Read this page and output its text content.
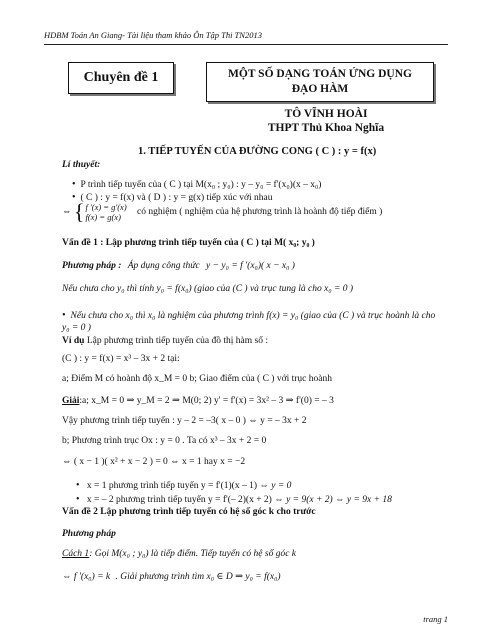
HDBM Toán An Giang- Tài liệu tham khảo Ôn Tập Thi TN2013
Chuyên đề 1	MỘT SỐ DẠNG TOÁN ỨNG DỤNG
ĐẠO HÀM
TÔ VĨNH HOÀI
THPT Thủ Khoa Nghĩa
1. TIẾP TUYẾN CỦA ĐƯỜNG CONG ( C ) : y = f(x)
Lí thuyết:
• P trình tiếp tuyến của ( C ) tại M(x₀ ; y₀) : y – y₀ = f'(x₀)(x – x₀)
• ( C ) : y = f(x) và ( D ) : y = g(x) tiếp xúc với nhau
⇔ { f '(x) = g'(x)
f(x) = g(x)	có nghiệm ( nghiệm của hệ phương trình là hoành độ tiếp điểm )
Vấn đề 1 : Lập phương trình tiếp tuyến của ( C ) tại M( x₀; y₀ )
Phương pháp : Áp dụng công thức y − y₀ = f '(x₀)( x − x₀ )
Nếu chưa cho y₀ thì tính y₀ = f(x₀) (giao của (C ) và trục tung là cho x₀ = 0 )
• Nếu chưa cho x₀ thì x₀ là nghiệm của phương trình f(x) = y₀ (giao của (C ) và trục hoành là cho
y₀ = 0 )
Ví dụ Lập phương trình tiếp tuyến của đồ thị hàm số :
(C ) : y = f(x) = x³ – 3x + 2 tại:
a; Điểm M có hoành độ x_M = 0 b; Giao điểm của ( C ) với trục hoành
Giải:a; x_M = 0 ⇒ y_M = 2 ⇒ M(0; 2) y' = f'(x) = 3x² – 3 ⇒ f'(0) = – 3
Vậy phương trình tiếp tuyến : y – 2 = –3( x – 0 ) ⇔ y = – 3x + 2
b; Phương trình trục Ox : y = 0 . Ta có x³ – 3x + 2 = 0
⇔ ( x − 1 )( x² + x − 2 ) = 0 ⇔ x = 1 hay x = −2
• x = 1 phương trình tiếp tuyến y = f'(1)(x – 1) ⇔ y = 0
• x = – 2 phương trình tiếp tuyến y = f'(– 2)(x + 2) ⇔ y = 9(x + 2) ⇔ y = 9x + 18
Vấn đề 2 Lập phương trình tiếp tuyến có hệ số góc k cho trước
Phương pháp
Cách 1: Gọi M(x₀ ; y₀) là tiếp điểm. Tiếp tuyến có hệ số góc k
⇔ f '(x₀) = k . Giải phương trình tìm x₀ ∈ D ⇒ y₀ = f(x₀)
trang 1
